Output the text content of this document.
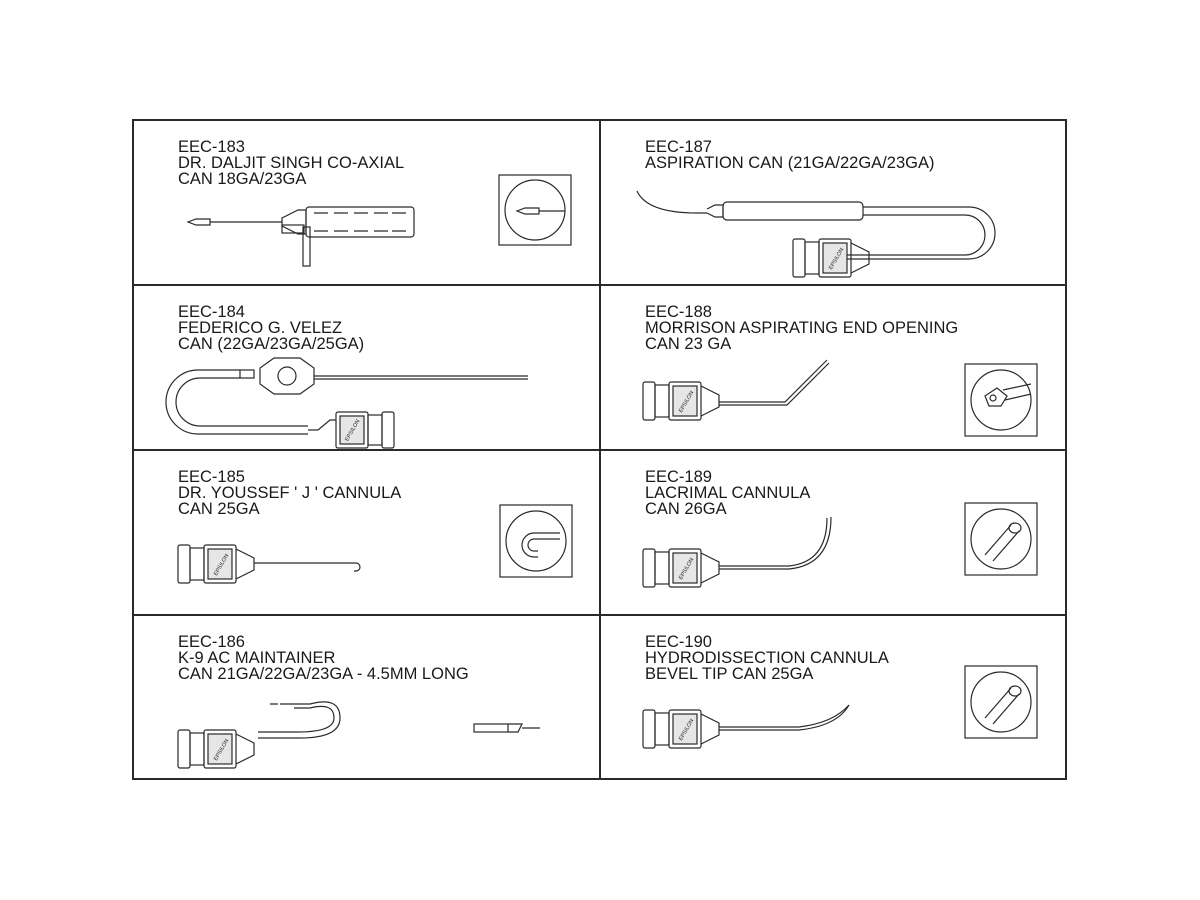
EEC-183
DR. DALJIT SINGH CO-AXIAL
CAN 18GA/23GA
EEC-187
ASPIRATION CAN (21GA/22GA/23GA)
EPSILON
EEC-184
FEDERICO G. VELEZ
CAN (22GA/23GA/25GA)
EPSILON
EEC-188
MORRISON ASPIRATING END OPENING
CAN 23 GA
EPSILON
EEC-185
DR. YOUSSEF ' J ' CANNULA
CAN 25GA
EPSILON
EEC-189
LACRIMAL CANNULA
CAN 26GA
EPSILON
EEC-186
K-9 AC MAINTAINER
CAN 21GA/22GA/23GA - 4.5MM LONG
EPSILON
EEC-190
HYDRODISSECTION CANNULA
BEVEL TIP CAN 25GA
EPSILON
